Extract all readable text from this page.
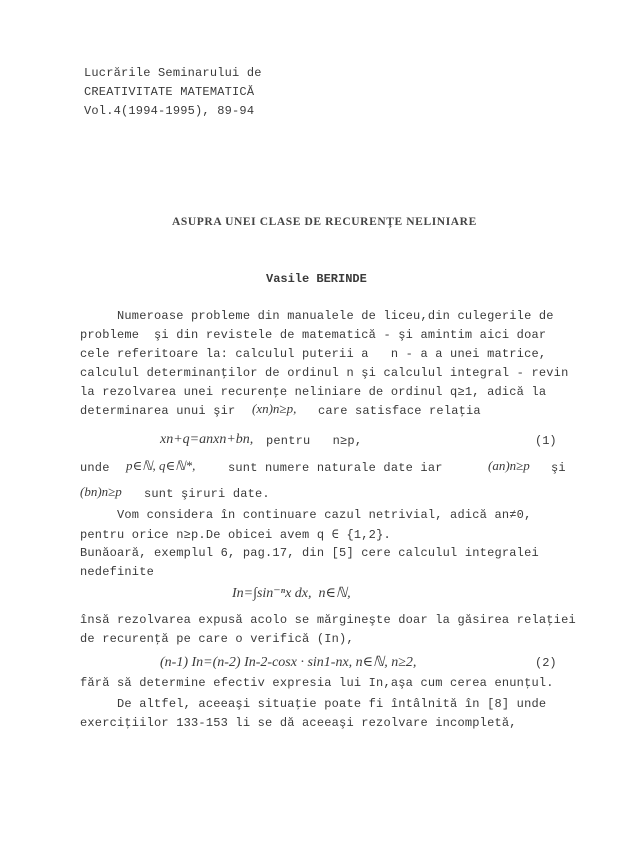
Lucrările Seminarului de
CREATIVITATE MATEMATICĂ
Vol.4(1994-1995), 89-94
ASUPRA UNEI CLASE DE RECURENŢE NELINIARE
Vasile BERINDE
Numeroase probleme din manualele de liceu,din culegerile de
probleme  şi din revistele de matematică - şi amintim aici doar
cele referitoare la: calculul puterii a   n - a a unei matrice,
calculul determinanţilor de ordinul n şi calculul integral - revin
la rezolvarea unei recurenţe neliniare de ordinul q≥1, adică la
determinarea unui şir (xn)n≥p, care satisface relaţia
xn+q=anxn+bn, pentru   n≥p,	(1)
unde p∈ℕ, q∈ℕ*,	sunt numere naturale date iar	(an)n≥p şi
(bn)n≥p sunt şiruri date.
Vom considera în continuare cazul netrivial, adică an≠0,
pentru orice n≥p.De obicei avem q ∈ {1,2}.
Bunăoară, exemplul 6, pag.17, din [5] cere calculul integralei
nedefinite
In=∫sin⁻ⁿx dx,  n∈ℕ,
însă rezolvarea expusă acolo se mărgineşte doar la găsirea relaţiei
de recurenţă pe care o verifică (In),
(n-1) In=(n-2) In-2-cosx · sin1-nx, n∈ℕ, n≥2,	(2)
fără să determine efectiv expresia lui In,aşa cum cerea enunţul.
De altfel, aceeaşi situaţie poate fi întâlnită în [8] unde
exerciţiilor 133-153 li se dă aceeaşi rezolvare incompletă,
